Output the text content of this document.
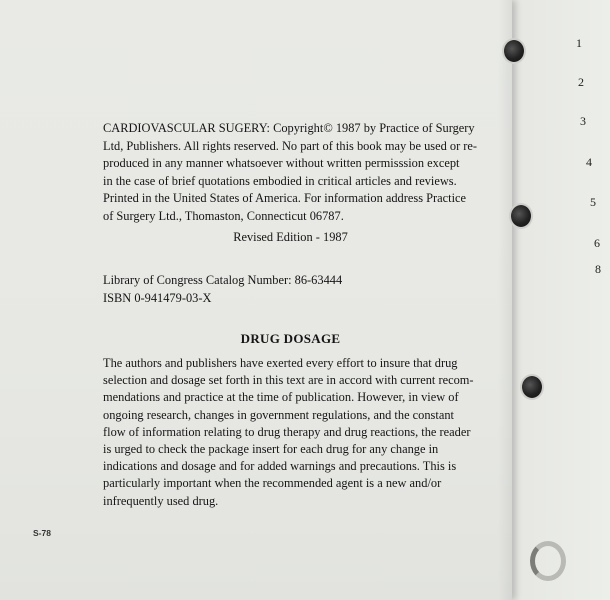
1
2
3
4
5
6
8
CARDIOVASCULAR SUGERY: Copyright© 1987 by Practice of Surgery
Ltd, Publishers. All rights reserved. No part of this book may be used or re-
produced in any manner whatsoever without written permisssion except
in the case of brief quotations embodied in critical articles and reviews.
Printed in the United States of America. For information address Practice
of Surgery Ltd., Thomaston, Connecticut 06787.
Revised Edition - 1987
Library of Congress Catalog Number: 86-63444
ISBN 0-941479-03-X
DRUG DOSAGE
The authors and publishers have exerted every effort to insure that drug
selection and dosage set forth in this text are in accord with current recom-
mendations and practice at the time of publication. However, in view of
ongoing research, changes in government regulations, and the constant
flow of information relating to drug therapy and drug reactions, the reader
is urged to check the package insert for each drug for any change in
indications and dosage and for added warnings and precautions. This is
particularly important when the recommended agent is a new and/or
infrequently used drug.
S-78
